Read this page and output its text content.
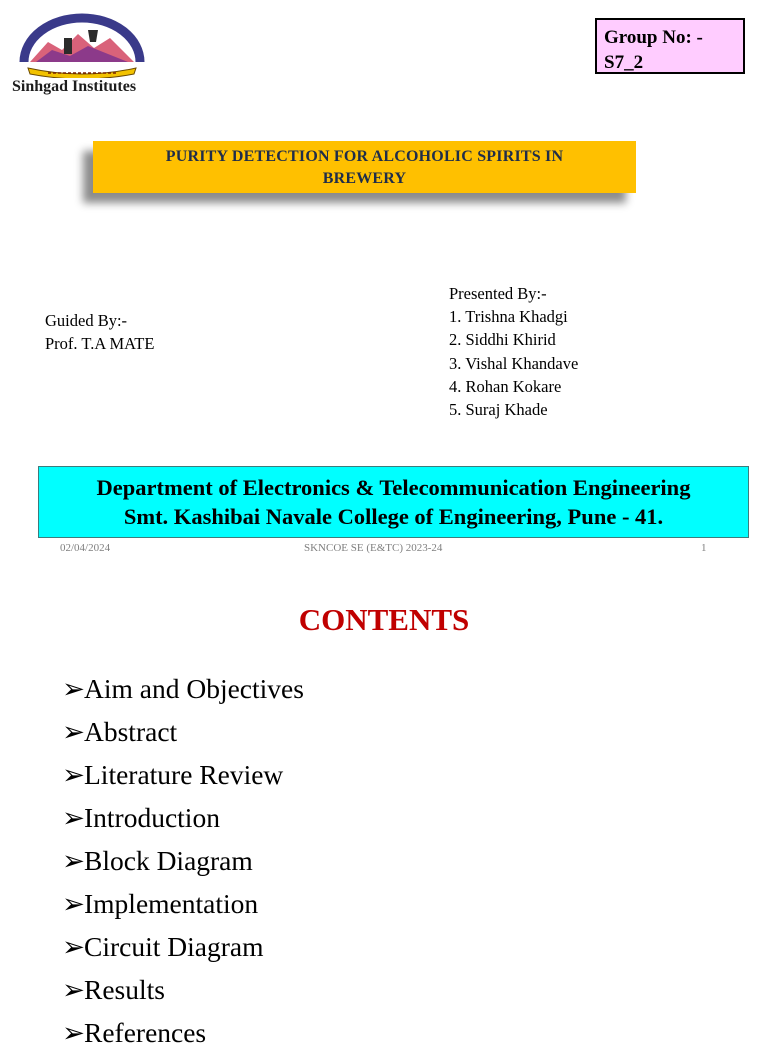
Sinhgad Institutes
Group No: -
S7_2
PURITY DETECTION FOR ALCOHOLIC SPIRITS IN
BREWERY
Guided By:-
Prof. T.A MATE
Presented By:-
1. Trishna Khadgi
2. Siddhi Khirid
3. Vishal Khandave
4. Rohan Kokare
5. Suraj Khade
Department of Electronics & Telecommunication Engineering
Smt. Kashibai Navale College of Engineering, Pune - 41.
02/04/2024	SKNCOE SE (E&TC) 2023-24	1
CONTENTS
➢Aim and Objectives
➢Abstract
➢Literature Review
➢Introduction
➢Block Diagram
➢Implementation
➢Circuit Diagram
➢Results
➢References
